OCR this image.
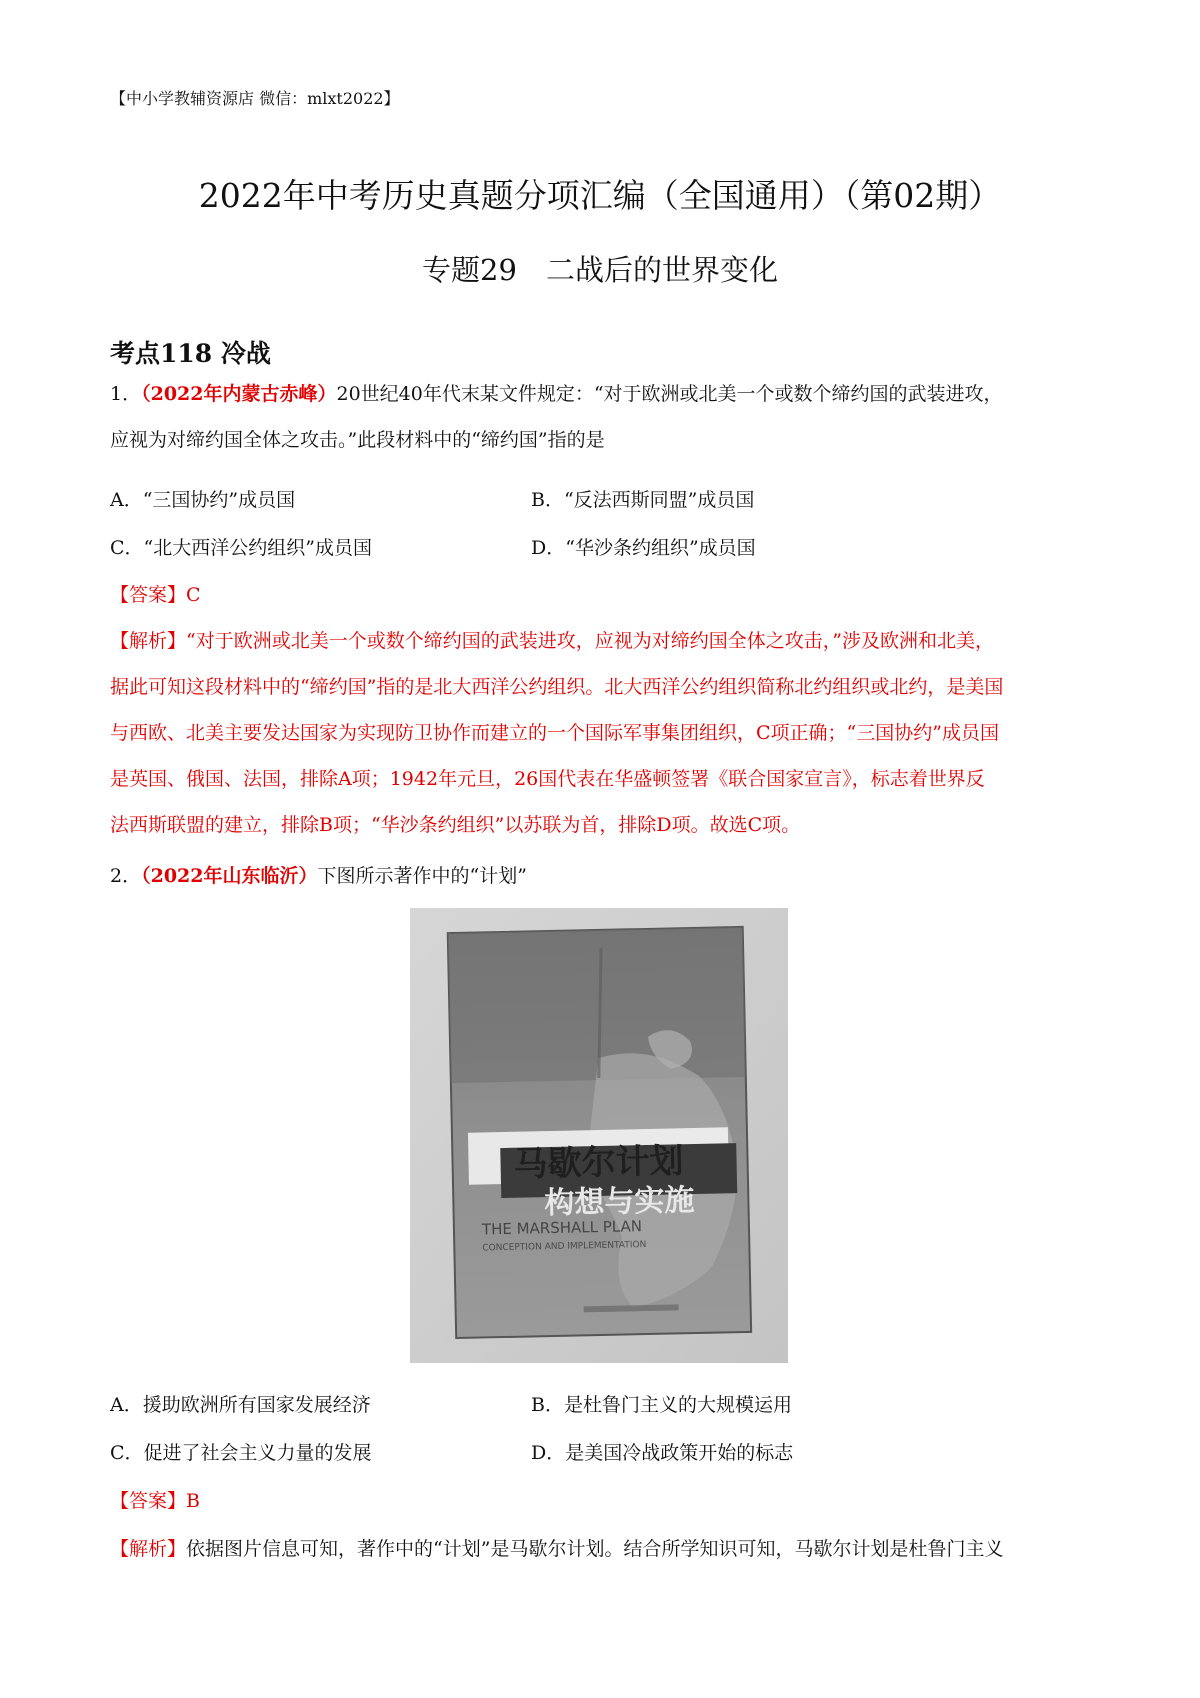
【中小学教辅资源店 微信：mlxt2022】
2022年中考历史真题分项汇编（全国通用）（第02期）
专题29　二战后的世界变化
考点118 冷战
1．（2022年内蒙古赤峰）20世纪40年代末某文件规定：“对于欧洲或北美一个或数个缔约国的武装进攻，
应视为对缔约国全体之攻击。”此段材料中的“缔约国”指的是
A．“三国协约”成员国	B．“反法西斯同盟”成员国
C．“北大西洋公约组织”成员国	D．“华沙条约组织”成员国
【答案】C
【解析】“对于欧洲或北美一个或数个缔约国的武装进攻，应视为对缔约国全体之攻击，”涉及欧洲和北美，
据此可知这段材料中的“缔约国”指的是北大西洋公约组织。北大西洋公约组织简称北约组织或北约，是美国
与西欧、北美主要发达国家为实现防卫协作而建立的一个国际军事集团组织，C项正确；“三国协约”成员国
是英国、俄国、法国，排除A项；1942年元旦，26国代表在华盛顿签署《联合国家宣言》，标志着世界反
法西斯联盟的建立，排除B项；“华沙条约组织”以苏联为首，排除D项。故选C项。
2．（2022年山东临沂）下图所示著作中的“计划”
马歇尔计划
构想与实施
THE MARSHALL PLAN
CONCEPTION AND IMPLEMENTATION
A．援助欧洲所有国家发展经济	B．是杜鲁门主义的大规模运用
C．促进了社会主义力量的发展	D．是美国冷战政策开始的标志
【答案】B
【解析】依据图片信息可知，著作中的“计划”是马歇尔计划。结合所学知识可知，马歇尔计划是杜鲁门主义
